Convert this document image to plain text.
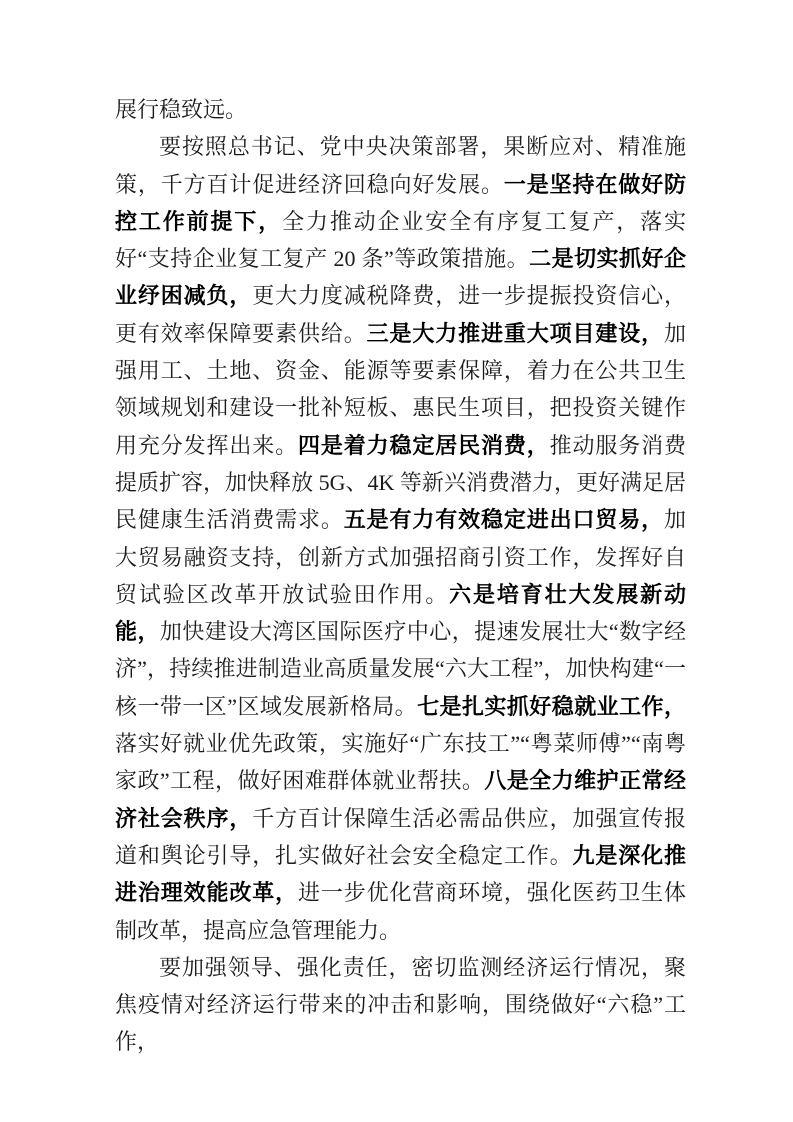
展行稳致远。

要按照总书记、党中央决策部署，果断应对、精准施策，千方百计促进经济回稳向好发展。一是坚持在做好防控工作前提下，全力推动企业安全有序复工复产，落实好“支持企业复工复产 20 条”等政策措施。二是切实抓好企业纾困减负，更大力度减税降费，进一步提振投资信心，更有效率保障要素供给。三是大力推进重大项目建设，加强用工、土地、资金、能源等要素保障，着力在公共卫生领域规划和建设一批补短板、惠民生项目，把投资关键作用充分发挥出来。四是着力稳定居民消费，推动服务消费提质扩容，加快释放 5G、4K 等新兴消费潜力，更好满足居民健康生活消费需求。五是有力有效稳定进出口贸易，加大贸易融资支持，创新方式加强招商引资工作，发挥好自贸试验区改革开放试验田作用。六是培育壮大发展新动能，加快建设大湾区国际医疗中心，提速发展壮大“数字经济”，持续推进制造业高质量发展“六大工程”，加快构建“一核一带一区”区域发展新格局。七是扎实抓好稳就业工作，落实好就业优先政策，实施好“广东技工”“粤菜师傅”“南粤家政”工程，做好困难群体就业帮扶。八是全力维护正常经济社会秩序，千方百计保障生活必需品供应，加强宣传报道和舆论引导，扎实做好社会安全稳定工作。九是深化推进治理效能改革，进一步优化营商环境，强化医药卫生体制改革，提高应急管理能力。

要加强领导、强化责任，密切监测经济运行情况，聚焦疫情对经济运行带来的冲击和影响，围绕做好“六稳”工作，
